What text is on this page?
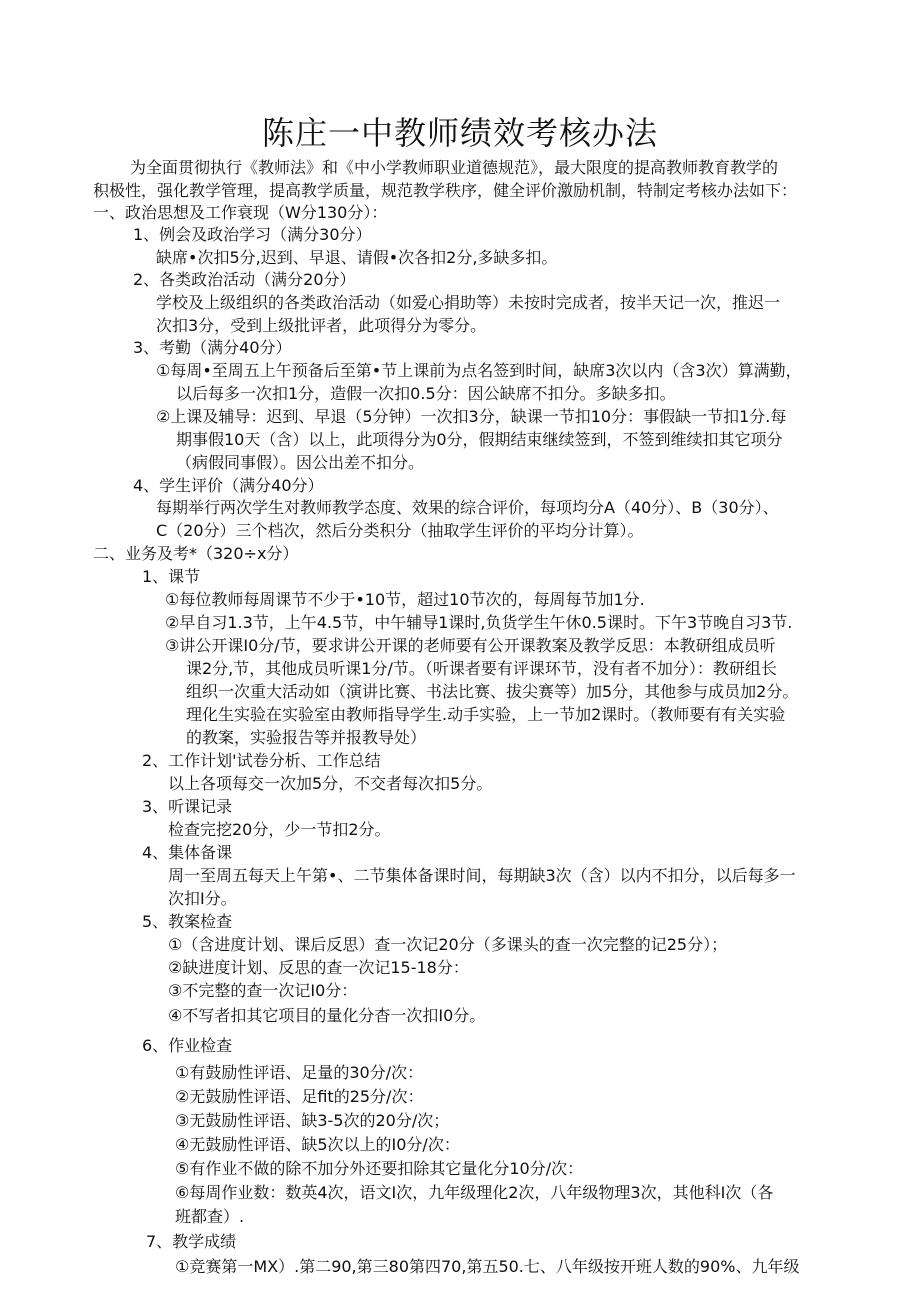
陈庄一中教师绩效考核办法
为全面贯彻执行《教师法》和《中小学教师职业道德规范》，最大限度的提高教师教育教学的
积极性，强化教学管理，提高教学质量，规范教学秩序，健全评价激励机制，特制定考核办法如下：
一、政治思想及工作衰现（W分130分）：
1、例会及政治学习（满分30分）
缺席•次扣5分,迟到、早退、请假•次各扣2分,多缺多扣。
2、各类政治活动（满分20分）
学校及上级组织的各类政治活动（如爱心捐助等）未按时完成者，按半天记一次，推迟一
次扣3分，受到上级批评者，此项得分为零分。
3、考勤（满分40分）
①每周•至周五上午预备后至第•节上课前为点名签到时间，缺席3次以内（含3次）算满勤，
以后每多一次扣1分，造假一次扣0.5分：因公缺席不扣分。多缺多扣。
②上课及辅导：迟到、早退（5分钟）一次扣3分，缺课一节扣10分：事假缺一节扣1分.每
期事假10天（含）以上，此项得分为0分，假期结束继续签到，不签到维续扣其它项分
（病假同事假）。因公出差不扣分。
4、学生评价（满分40分）
每期举行两次学生对教师教学态度、效果的综合评价，每项均分A（40分）、B（30分）、
C（20分）三个档次，然后分类积分（抽取学生评价的平均分计算）。
二、业务及考*（320÷x分）
1、课节
①每位教师每周课节不少于•10节，超过10节次的，每周每节加1分.
②早自习1.3节，上午4.5节，中午辅导1课时,负货学生午休0.5课时。下午3节晚自习3节.
③讲公开课I0分/节，要求讲公开课的老师要有公开课教案及教学反思：本教研组成员听
课2分,节，其他成员听课1分/节。（听课者要有评课环节，没有者不加分）：教研组长
组织一次重大活动如（演讲比赛、书法比赛、拔尖赛等）加5分，其他参与成员加2分。
理化生实验在实验室由教师指导学生.动手实验，上一节加2课时。（教师要有有关实验
的教案，实验报告等并报教导处）
2、工作计划'试卷分析、工作总结
以上各项每交一次加5分，不交者每次扣5分。
3、听课记录
检查完挖20分，少一节扣2分。
4、集体备课
周一至周五每天上午第•、二节集体备课时间，每期缺3次（含）以内不扣分，以后每多一
次扣I分。
5、教案检查
①（含进度计划、课后反思）查一次记20分（多课头的查一次完整的记25分）；
②缺进度计划、反思的查一次记15-18分：
③不完整的查一次记I0分：
④不写者扣其它项目的量化分杳一次扣I0分。
6、作业检查
①有鼓励性评语、足量的30分/次：
②无鼓励性评语、足fit的25分/次：
③无鼓励性评语、缺3-5次的20分/次；
④无鼓励性评语、缺5次以上的I0分/次：
⑤有作业不做的除不加分外还要扣除其它量化分10分/次：
⑥每周作业数：数英4次，语文I次，九年级理化2次，八年级物理3次，其他科I次（各
班都查）.
7、教学成绩
①竞赛第一MX）.第二90,第三80第四70,第五50.七、八年级按开班人数的90%、九年级
